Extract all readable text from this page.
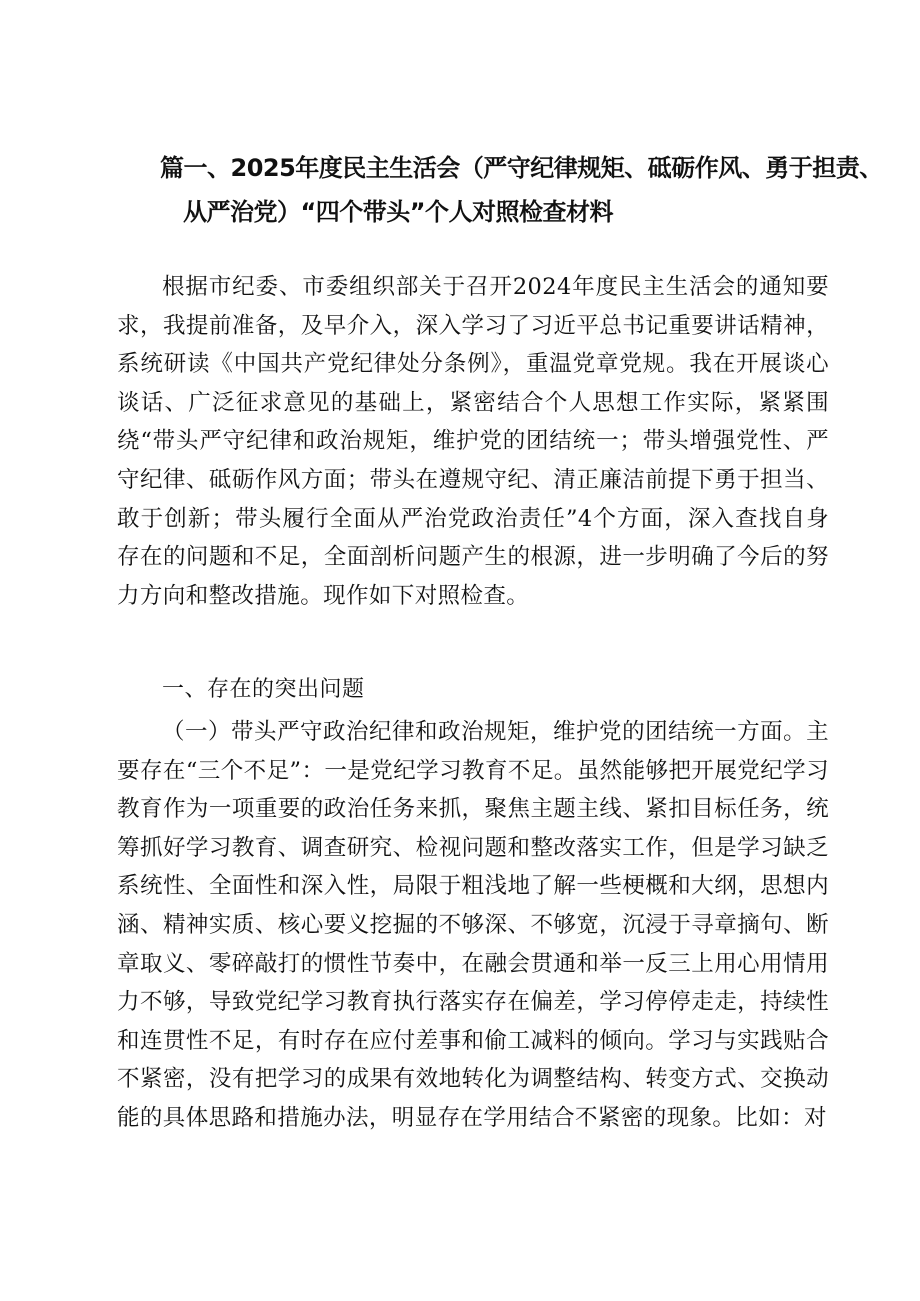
篇一、2025年度民主生活会（严守纪律规矩、砥砺作风、勇于担责、
从严治党）“四个带头”个人对照检查材料

根据市纪委、市委组织部关于召开2024年度民主生活会的通知要求，我提前准备，及早介入，深入学习了习近平总书记重要讲话精神，系统研读《中国共产党纪律处分条例》，重温党章党规。我在开展谈心谈话、广泛征求意见的基础上，紧密结合个人思想工作实际，紧紧围绕“带头严守纪律和政治规矩，维护党的团结统一；带头增强党性、严守纪律、砥砺作风方面；带头在遵规守纪、清正廉洁前提下勇于担当、敢于创新；带头履行全面从严治党政治责任”4个方面，深入查找自身存在的问题和不足，全面剖析问题产生的根源，进一步明确了今后的努力方向和整改措施。现作如下对照检查。

一、存在的突出问题

（一）带头严守政治纪律和政治规矩，维护党的团结统一方面。主要存在“三个不足”：一是党纪学习教育不足。虽然能够把开展党纪学习教育作为一项重要的政治任务来抓，聚焦主题主线、紧扣目标任务，统筹抓好学习教育、调查研究、检视问题和整改落实工作，但是学习缺乏系统性、全面性和深入性，局限于粗浅地了解一些梗概和大纲，思想内涵、精神实质、核心要义挖掘的不够深、不够宽，沉浸于寻章摘句、断章取义、零碎敲打的惯性节奏中，在融会贯通和举一反三上用心用情用力不够，导致党纪学习教育执行落实存在偏差，学习停停走走，持续性和连贯性不足，有时存在应付差事和偷工减料的倾向。学习与实践贴合不紧密，没有把学习的成果有效地转化为调整结构、转变方式、交换动能的具体思路和措施办法，明显存在学用结合不紧密的现象。比如：对
